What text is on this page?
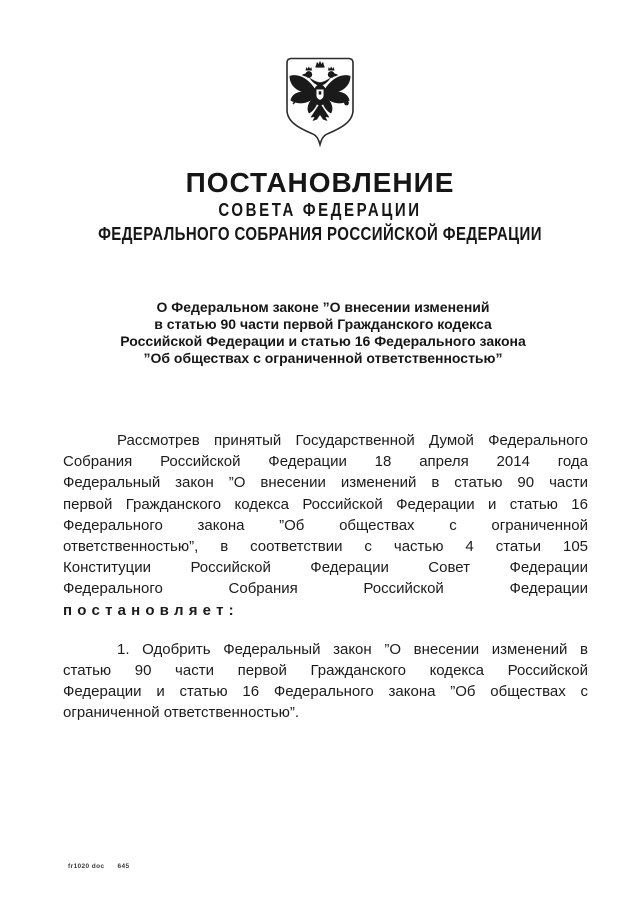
ПОСТАНОВЛЕНИЕ
СОВЕТА ФЕДЕРАЦИИ
ФЕДЕРАЛЬНОГО СОБРАНИЯ РОССИЙСКОЙ ФЕДЕРАЦИИ
О Федеральном законе ”О внесении изменений
в статью 90 части первой Гражданского кодекса
Российской Федерации и статью 16 Федерального закона
”Об обществах с ограниченной ответственностью”
Рассмотрев принятый Государственной Думой Федерального
Собрания Российской Федерации 18 апреля 2014 года
Федеральный закон ”О внесении изменений в статью 90 части
первой Гражданского кодекса Российской Федерации и статью 16
Федерального закона ”Об обществах с ограниченной
ответственностью”, в соответствии с частью 4 статьи 105
Конституции Российской Федерации Совет Федерации
Федерального Собрания Российской Федерации
п о с т а н о в л я е т :
1. Одобрить Федеральный закон ”О внесении изменений в
статью 90 части первой Гражданского кодекса Российской
Федерации и статью 16 Федерального закона ”Об обществах с
ограниченной ответственностью”.
fr1020 doc 645
